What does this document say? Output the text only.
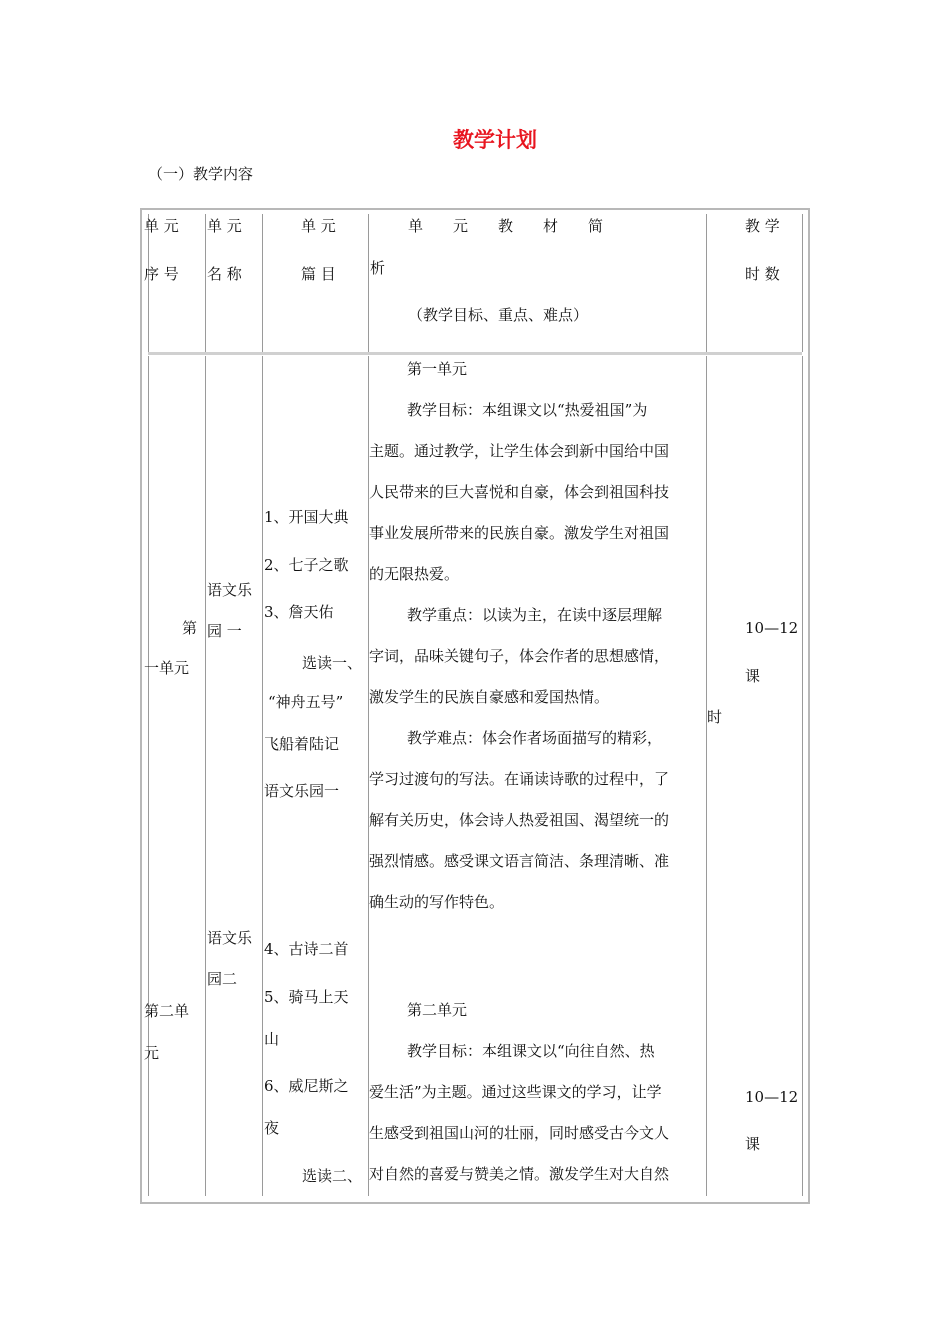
教学计划
（一）教学内容
单 元
序 号
单 元
名 称
单 元
篇 目
单　　元　　教　　材　　简
析
（教学目标、重点、难点）
教 学
时 数
第
一单元
语文乐
园 一
1、开国大典
2、七子之歌
3、詹天佑
选读一、
“神舟五号”
飞船着陆记
语文乐园一

第一单元

教学目标：本组课文以“热爱祖国”为

主题。通过教学，让学生体会到新中国给中国

人民带来的巨大喜悦和自豪，体会到祖国科技

事业发展所带来的民族自豪。激发学生对祖国

的无限热爱。

教学重点：以读为主，在读中逐层理解

字词，品味关键句子，体会作者的思想感情，

激发学生的民族自豪感和爱国热情。

教学难点：体会作者场面描写的精彩，

学习过渡句的写法。在诵读诗歌的过程中，了

解有关历史，体会诗人热爱祖国、渴望统一的

强烈情感。感受课文语言简洁、条理清晰、准

确生动的写作特色。

10—12
课
时
第二单
元
语文乐
园二
4、古诗二首
5、骑马上天
山
6、威尼斯之
夜
选读二、

第二单元

教学目标：本组课文以“向往自然、热

爱生活”为主题。通过这些课文的学习，让学

生感受到祖国山河的壮丽，同时感受古今文人

对自然的喜爱与赞美之情。激发学生对大自然

10—12
课
